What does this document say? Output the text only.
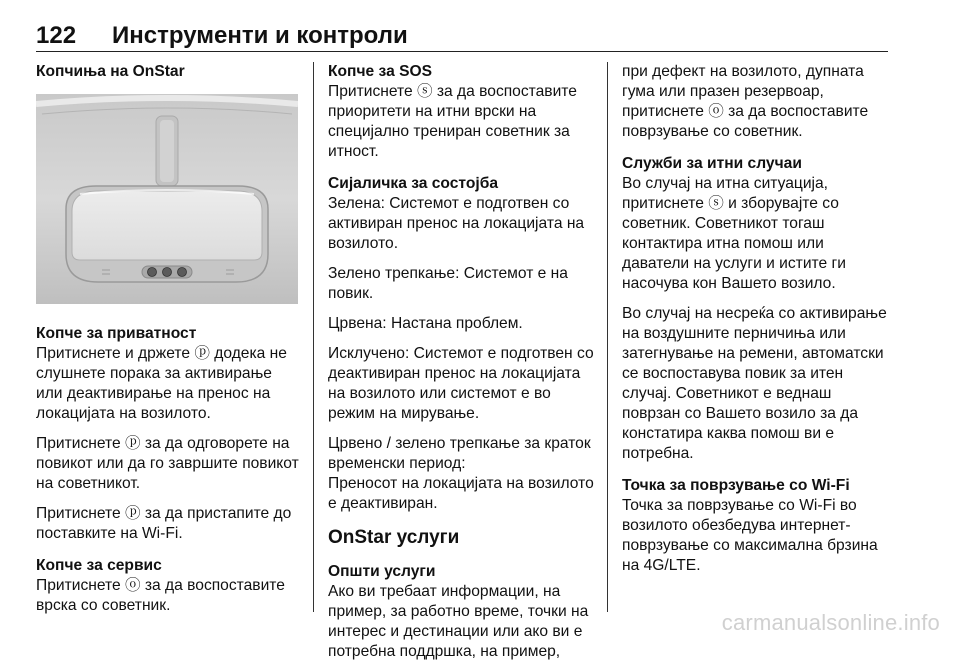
122 Инструменти и контроли
Копчиња на OnStar
Копче за приватност
Притиснете и држете ⓟ додека не слушнете порака за активирање или деактивирање на пренос на локацијата на возилото.
Притиснете ⓟ за да одговорете на повикот или да го завршите повикот на советникот.
Притиснете ⓟ за да пристапите до поставките на Wi-Fi.
Копче за сервис
Притиснете ⓞ за да воспоставите врска со советник.
Копче за SOS
Притиснете ⓢ за да воспоставите приоритети на итни врски на специјално трениран советник за итност.
Сијаличка за состојба
Зелена: Системот е подготвен со активиран пренос на локацијата на возилото.
Зелено трепкање: Системот е на повик.
Црвена: Настана проблем.
Исклучено: Системот е подготвен со деактивиран пренос на локацијата на возилото или системот е во режим на мирување.
Црвено / зелено трепкање за краток временски период:
Преносот на локацијата на возилото е деактивиран.
OnStar услуги
Општи услуги
Ако ви требаат информации, на пример, за работно време, точки на интерес и дестинации или ако ви е потребна поддршка, на пример,
при дефект на возилото, дупната гума или празен резервоар, притиснете ⓞ за да воспоставите поврзување со советник.
Служби за итни случаи
Во случај на итна ситуација, притиснете ⓢ и зборувајте со советник. Советникот тогаш контактира итна помош или даватели на услуги и истите ги насочува кон Вашето возило.
Во случај на несреќа со активирање на воздушните перничиња или затегнување на ремени, автоматски се воспоставува повик за итен случај. Советникот е веднаш поврзан со Вашето возило за да констатира каква помош ви е потребна.
Точка за поврзување со Wi-Fi
Точка за поврзување со Wi-Fi во возилото обезбедува интернет-поврзување со максимална брзина на 4G/LTE.
carmanualsonline.info
